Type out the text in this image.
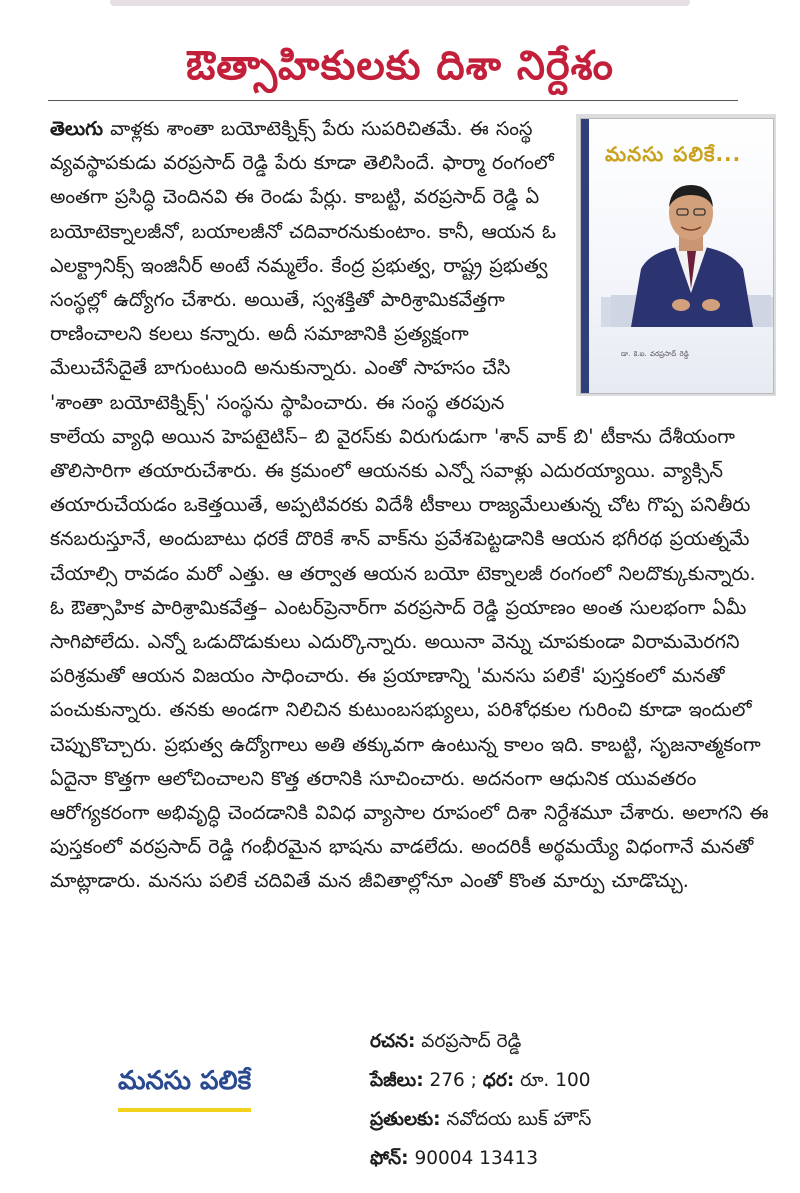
ఔత్సాహికులకు దిశా నిర్దేశం
మనసు పలికే...
డా. కె.ఐ. వరప్రసాద్ రెడ్డి
తెలుగు వాళ్లకు శాంతా బయోటెక్నిక్స్ పేరు సుపరిచితమే. ఈ సంస్థ వ్యవస్థాపకుడు వరప్రసాద్ రెడ్డి పేరు కూడా తెలిసిందే. ఫార్మా రంగంలో అంతగా ప్రసిద్ధి చెందినవి ఈ రెండు పేర్లు. కాబట్టి, వరప్రసాద్ రెడ్డి ఏ బయోటెక్నాలజీనో, బయాలజీనో చదివారనుకుంటాం. కానీ, ఆయన ఓ ఎలక్ట్రానిక్స్ ఇంజినీర్ అంటే నమ్మలేం. కేంద్ర ప్రభుత్వ, రాష్ట్ర ప్రభుత్వ సంస్థల్లో ఉద్యోగం చేశారు. అయితే, స్వశక్తితో పారిశ్రామికవేత్తగా రాణించాలని కలలు కన్నారు. అదీ సమాజానికి ప్రత్యక్షంగా మేలుచేసేదైతే బాగుంటుంది అనుకున్నారు. ఎంతో సాహసం చేసి 'శాంతా బయోటెక్నిక్స్' సంస్థను స్థాపించారు. ఈ సంస్థ తరపున కాలేయ వ్యాధి అయిన హెపటైటిస్– బి వైరస్‌కు విరుగుడుగా 'శాన్ వాక్ బి' టీకాను దేశీయంగా తొలిసారిగా తయారుచేశారు. ఈ క్రమంలో ఆయనకు ఎన్నో సవాళ్లు ఎదురయ్యాయి. వ్యాక్సిన్ తయారుచేయడం ఒకెత్తయితే, అప్పటివరకు విదేశీ టీకాలు రాజ్యమేలుతున్న చోట గొప్ప పనితీరు కనబరుస్తూనే, అందుబాటు ధరకే దొరికే శాన్ వాక్‌ను ప్రవేశపెట్టడానికి ఆయన భగీరథ ప్రయత్నమే చేయాల్సి రావడం మరో ఎత్తు. ఆ తర్వాత ఆయన బయో టెక్నాలజీ రంగంలో నిలదొక్కుకున్నారు. ఓ ఔత్సాహిక పారిశ్రామికవేత్త– ఎంటర్‌ప్రెనార్‌గా వరప్రసాద్ రెడ్డి ప్రయాణం అంత సులభంగా ఏమీ సాగిపోలేదు. ఎన్నో ఒడుదొడుకులు ఎదుర్కొన్నారు. అయినా వెన్ను చూపకుండా విరామమెరగని పరిశ్రమతో ఆయన విజయం సాధించారు. ఈ ప్రయాణాన్ని 'మనసు పలికే' పుస్తకంలో మనతో పంచుకున్నారు. తనకు అండగా నిలిచిన కుటుంబసభ్యులు, పరిశోధకుల గురించి కూడా ఇందులో చెప్పుకొచ్చారు. ప్రభుత్వ ఉద్యోగాలు అతి తక్కువగా ఉంటున్న కాలం ఇది. కాబట్టి, సృజనాత్మకంగా ఏదైనా కొత్తగా ఆలోచించాలని కొత్త తరానికి సూచించారు. అదనంగా ఆధునిక యువతరం ఆరోగ్యకరంగా అభివృద్ధి చెందడానికి వివిధ వ్యాసాల రూపంలో దిశా నిర్దేశమూ చేశారు. అలాగని ఈ పుస్తకంలో వరప్రసాద్ రెడ్డి గంభీరమైన భాషను వాడలేదు. అందరికీ అర్థమయ్యే విధంగానే మనతో మాట్లాడారు. మనసు పలికే చదివితే మన జీవితాల్లోనూ ఎంతో కొంత మార్పు చూడొచ్చు.
మనసు పలికే
రచన: వరప్రసాద్ రెడ్డి
పేజీలు: 276 ; ధర: రూ. 100
ప్రతులకు: నవోదయ బుక్ హౌస్
ఫోన్: 90004 13413
